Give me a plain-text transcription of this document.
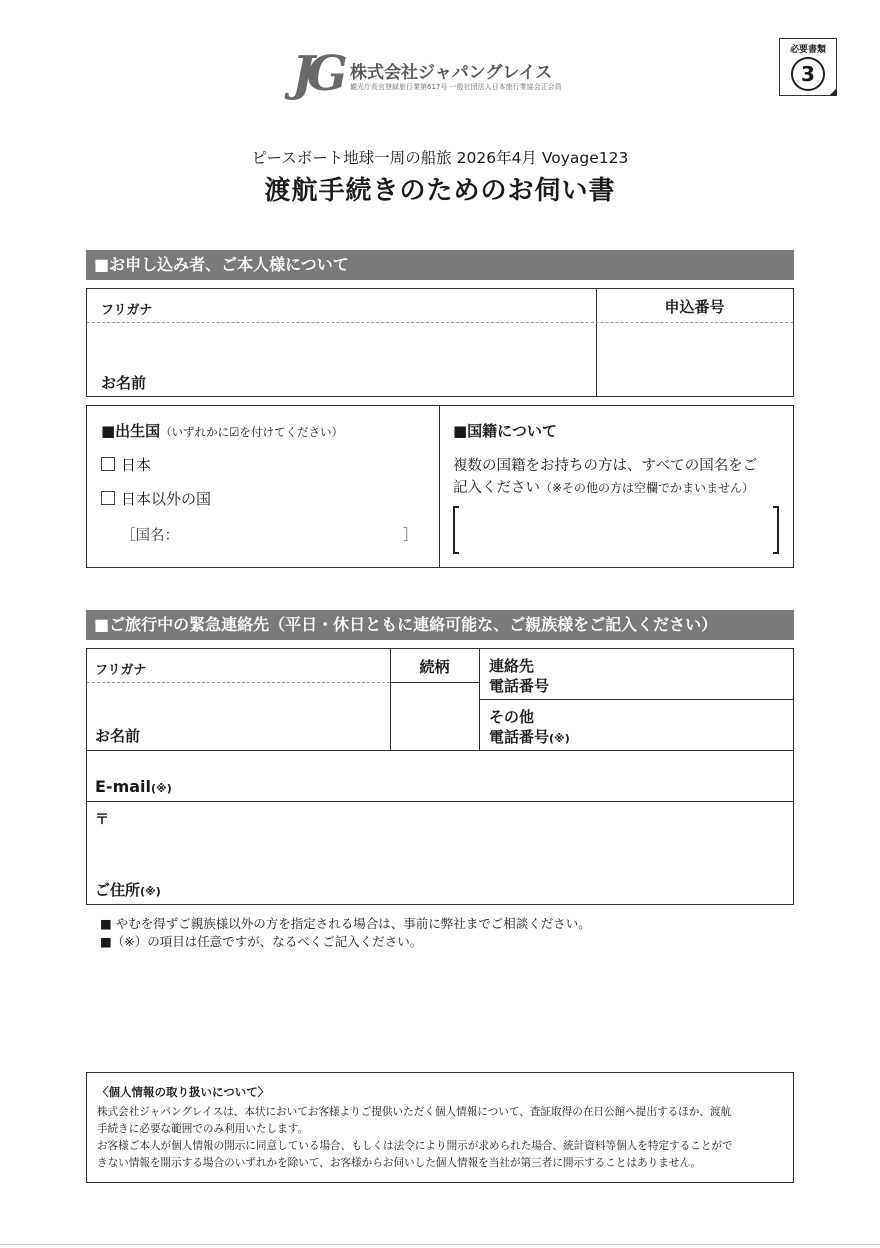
JG 株式会社ジャパングレイス
観光庁長官登録旅行業第617号 一般社団法人日本旅行業協会正会員
必要書類
3
ピースボート地球一周の船旅 2026年4月 Voyage123
渡航手続きのためのお伺い書
■お申し込み者、ご本人様について
フリガナ
お名前
申込番号
■出生国（いずれかに☑を付けてください）
日本
日本以外の国
［国名：	］
■国籍について
複数の国籍をお持ちの方は、すべての国名をご
記入ください（※その他の方は空欄でかまいません）
■ご旅行中の緊急連絡先（平日・休日ともに連絡可能な、ご親族様をご記入ください）
フリガナ
お名前
続柄	連絡先
電話番号
その他
電話番号(※)
E-mail(※)
〒
ご住所(※)
■ やむを得ずご親族様以外の方を指定される場合は、事前に弊社までご相談ください。
■（※）の項目は任意ですが、なるべくご記入ください。
〈個人情報の取り扱いについて〉
株式会社ジャパングレイスは、本状においてお客様よりご提供いただく個人情報について、査証取得の在日公館へ提出するほか、渡航
手続きに必要な範囲でのみ利用いたします。
お客様ご本人が個人情報の開示に同意している場合、もしくは法令により開示が求められた場合、統計資料等個人を特定することがで
きない情報を開示する場合のいずれかを除いて、お客様からお伺いした個人情報を当社が第三者に開示することはありません。
